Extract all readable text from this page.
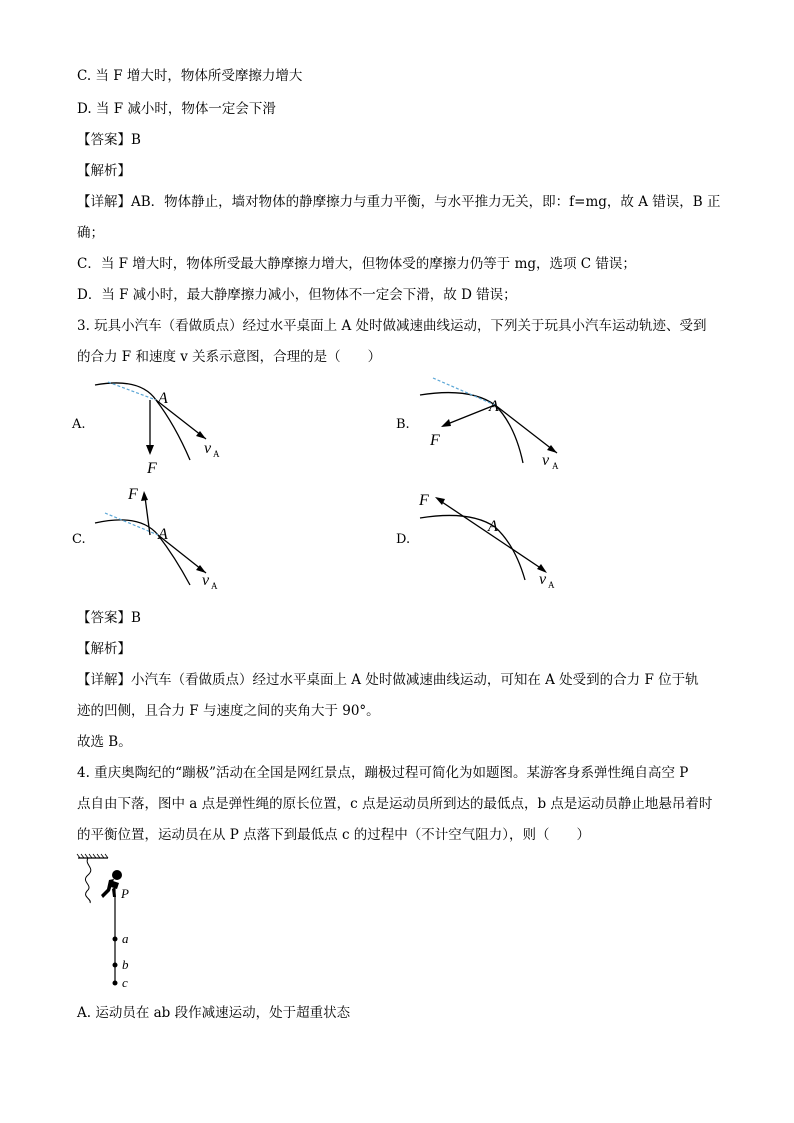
C. 当 F 增大时，物体所受摩擦力增大
D. 当 F 减小时，物体一定会下滑
【答案】B
【解析】
【详解】AB．物体静止，墙对物体的静摩擦力与重力平衡，与水平推力无关，即：f=mg，故 A 错误，B 正
确；
C．当 F 增大时，物体所受最大静摩擦力增大，但物体受的摩擦力仍等于 mg，选项 C 错误；
D．当 F 减小时，最大静摩擦力减小，但物体不一定会下滑，故 D 错误；
3. 玩具小汽车（看做质点）经过水平桌面上 A 处时做减速曲线运动，下列关于玩具小汽车运动轨迹、受到
的合力 F 和速度 v 关系示意图，合理的是（　　）
A.
A
F
v A
B.
A
F
v A
C.	A
F
v A
D.
A
F
v A
【答案】B
【解析】
【详解】小汽车（看做质点）经过水平桌面上 A 处时做减速曲线运动，可知在 A 处受到的合力 F 位于轨
迹的凹侧，且合力 F 与速度之间的夹角大于 90°。
故选 B。
4. 重庆奥陶纪的“蹦极”活动在全国是网红景点，蹦极过程可简化为如题图。某游客身系弹性绳自高空 P
点自由下落，图中 a 点是弹性绳的原长位置，c 点是运动员所到达的最低点，b 点是运动员静止地悬吊着时
的平衡位置，运动员在从 P 点落下到最低点 c 的过程中（不计空气阻力），则（　　）
P
a
b
c
A. 运动员在 ab 段作减速运动，处于超重状态
